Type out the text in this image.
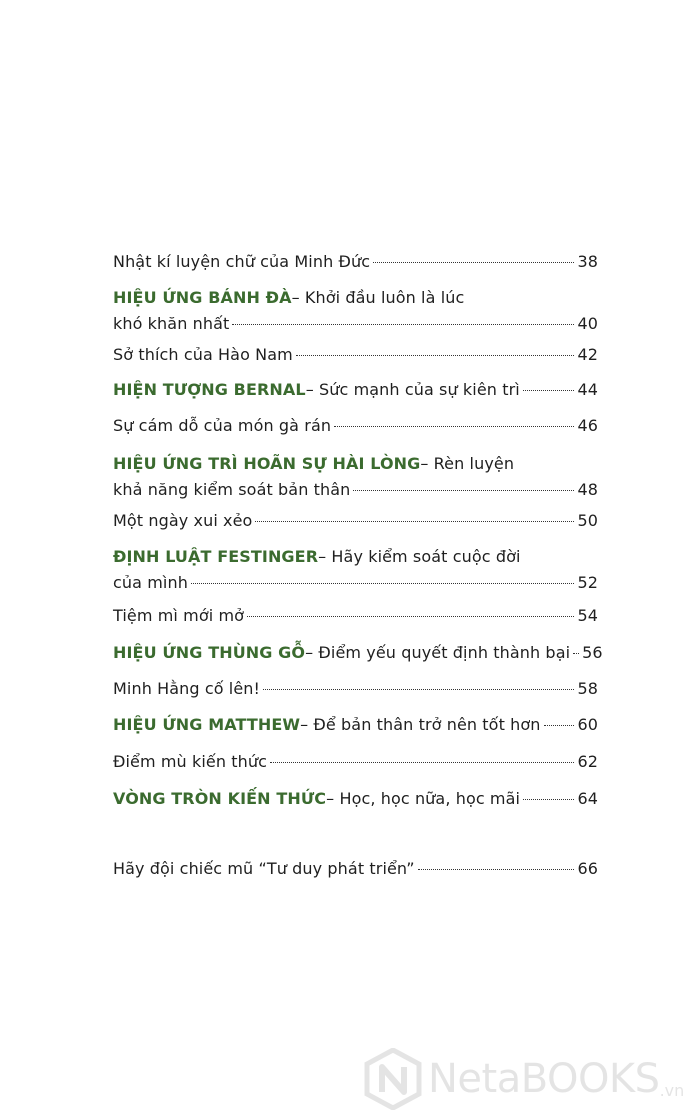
Nhật kí luyện chữ của Minh Đức	38
HIỆU ỨNG BÁNH ĐÀ – Khởi đầu luôn là lúc
khó khăn nhất	40
Sở thích của Hào Nam	42
HIỆN TƯỢNG BERNAL – Sức mạnh của sự kiên trì	44
Sự cám dỗ của món gà rán	46
HIỆU ỨNG TRÌ HOÃN SỰ HÀI LÒNG – Rèn luyện
khả năng kiểm soát bản thân	48
Một ngày xui xẻo	50
ĐỊNH LUẬT FESTINGER – Hãy kiểm soát cuộc đời
của mình	52
Tiệm mì mới mở	54
HIỆU ỨNG THÙNG GỖ – Điểm yếu quyết định thành bại 56
Minh Hằng cố lên!	58
HIỆU ỨNG MATTHEW – Để bản thân trở nên tốt hơn 60
Điểm mù kiến thức	62
VÒNG TRÒN KIẾN THỨC – Học, học nữa, học mãi	64
Hãy đội chiếc mũ “Tư duy phát triển”	66
NetaBOOKS .vn
